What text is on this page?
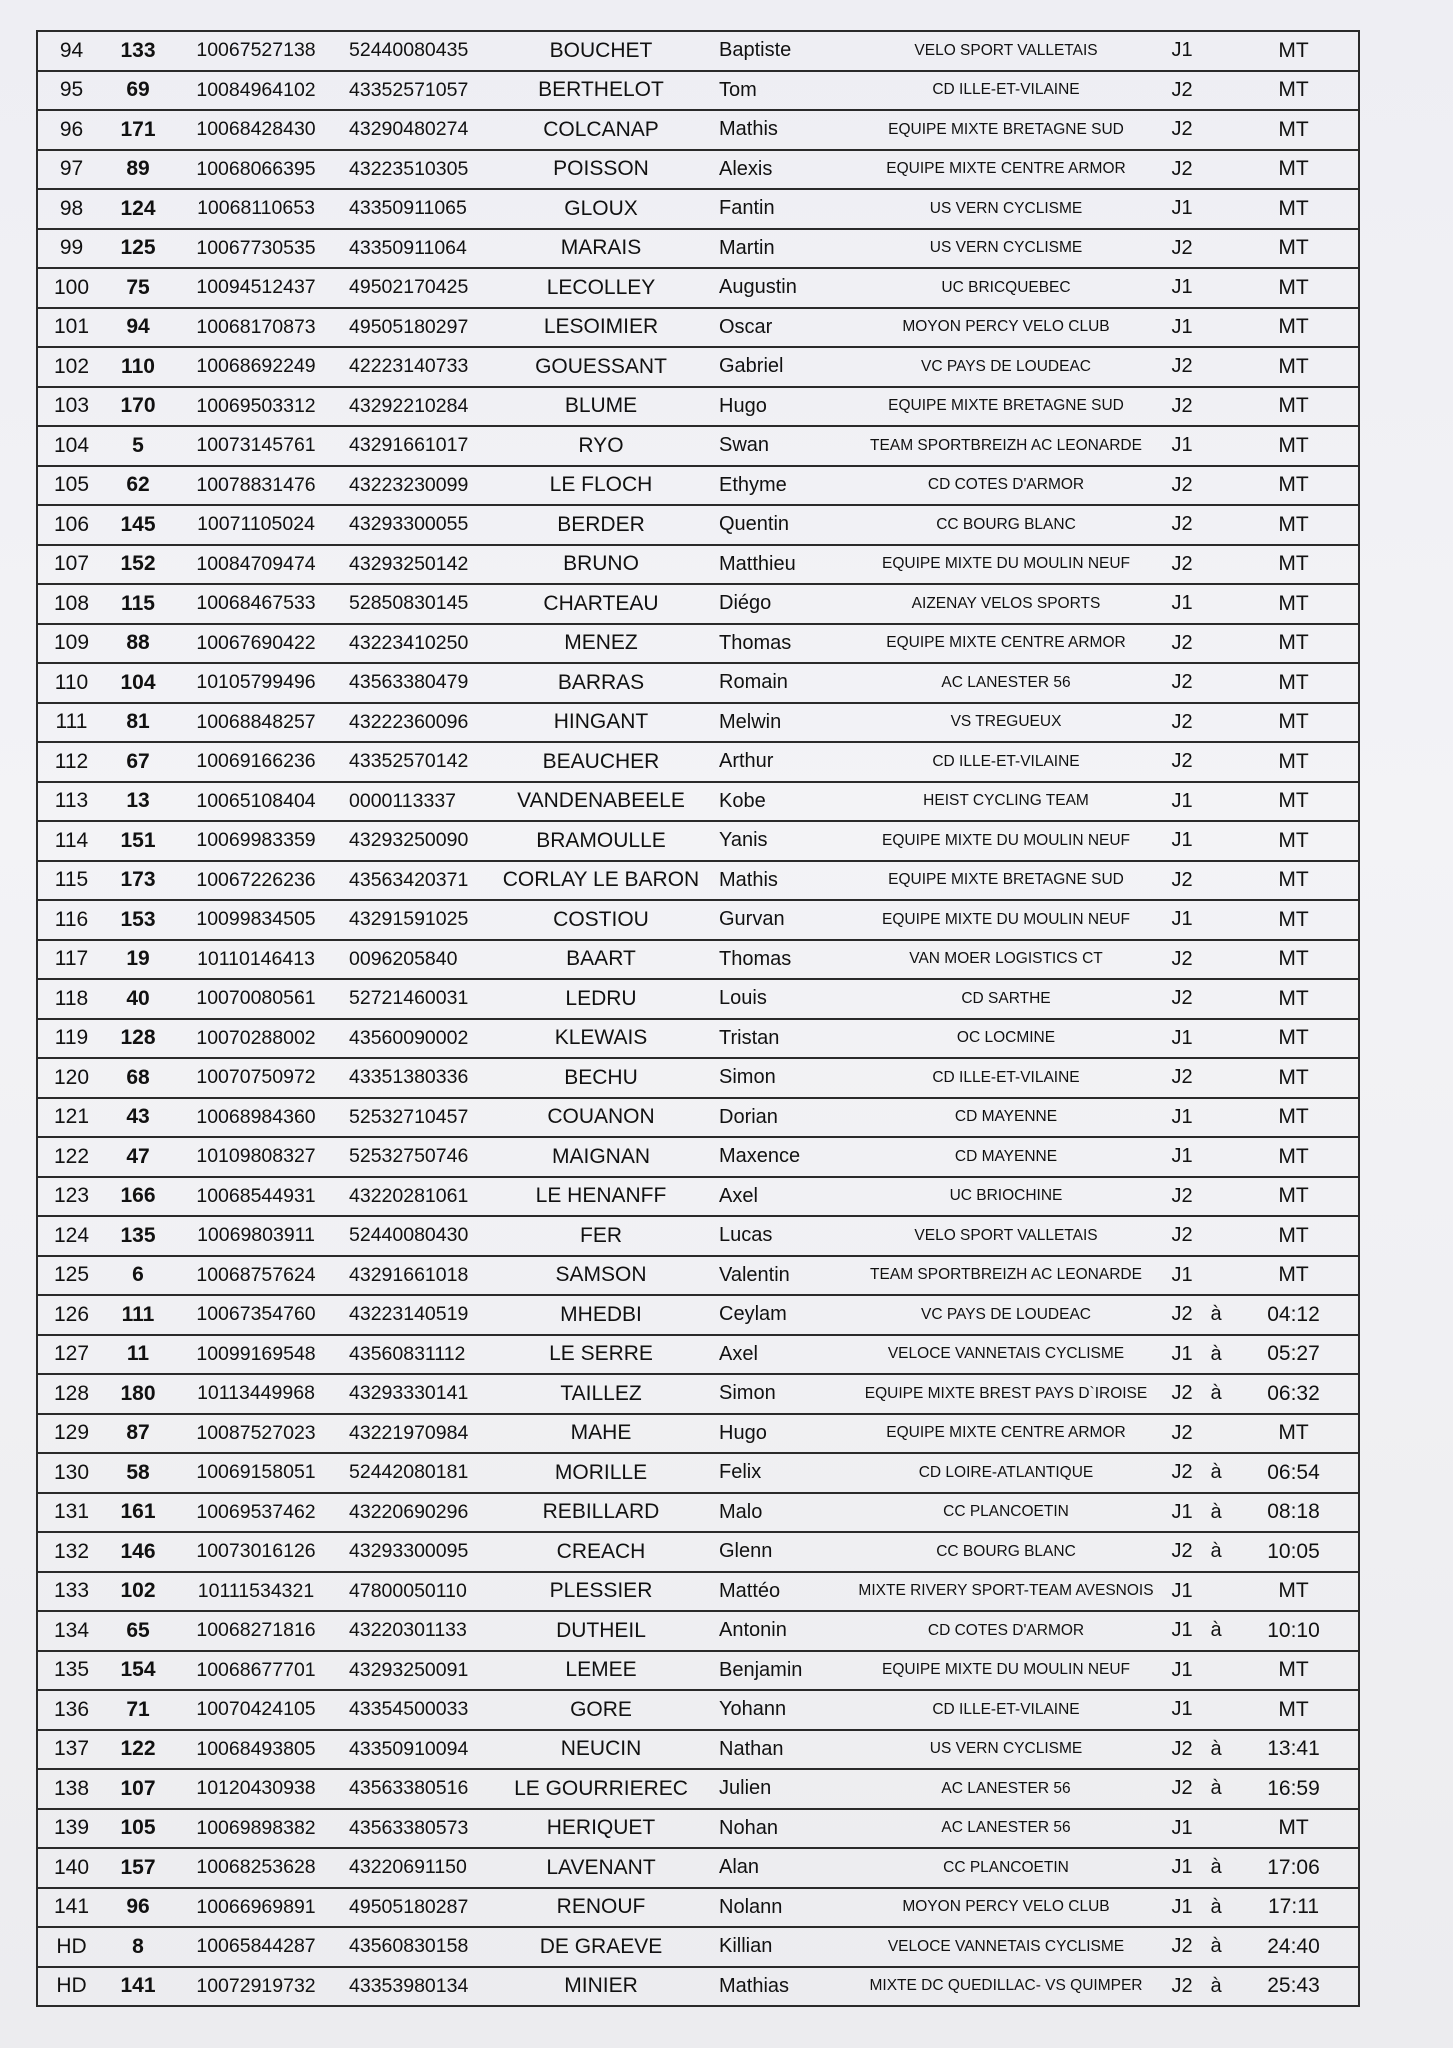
94	133	10067527138	52440080435	BOUCHET	Baptiste	VELO SPORT VALLETAIS	J1		MT
95	69	10084964102	43352571057	BERTHELOT	Tom	CD ILLE-ET-VILAINE	J2		MT
96	171	10068428430	43290480274	COLCANAP	Mathis	EQUIPE MIXTE BRETAGNE SUD	J2		MT
97	89	10068066395	43223510305	POISSON	Alexis	EQUIPE MIXTE CENTRE ARMOR	J2		MT
98	124	10068110653	43350911065	GLOUX	Fantin	US VERN CYCLISME	J1		MT
99	125	10067730535	43350911064	MARAIS	Martin	US VERN CYCLISME	J2		MT
100	75	10094512437	49502170425	LECOLLEY	Augustin	UC BRICQUEBEC	J1		MT
101	94	10068170873	49505180297	LESOIMIER	Oscar	MOYON PERCY VELO CLUB	J1		MT
102	110	10068692249	42223140733	GOUESSANT	Gabriel	VC PAYS DE LOUDEAC	J2		MT
103	170	10069503312	43292210284	BLUME	Hugo	EQUIPE MIXTE BRETAGNE SUD	J2		MT
104	5	10073145761	43291661017	RYO	Swan	TEAM SPORTBREIZH AC LEONARDE	J1		MT
105	62	10078831476	43223230099	LE FLOCH	Ethyme	CD COTES D'ARMOR	J2		MT
106	145	10071105024	43293300055	BERDER	Quentin	CC BOURG BLANC	J2		MT
107	152	10084709474	43293250142	BRUNO	Matthieu	EQUIPE MIXTE DU MOULIN NEUF	J2		MT
108	115	10068467533	52850830145	CHARTEAU	Diégo	AIZENAY VELOS SPORTS	J1		MT
109	88	10067690422	43223410250	MENEZ	Thomas	EQUIPE MIXTE CENTRE ARMOR	J2		MT
110	104	10105799496	43563380479	BARRAS	Romain	AC LANESTER 56	J2		MT
111	81	10068848257	43222360096	HINGANT	Melwin	VS TREGUEUX	J2		MT
112	67	10069166236	43352570142	BEAUCHER	Arthur	CD ILLE-ET-VILAINE	J2		MT
113	13	10065108404	0000113337	VANDENABEELE	Kobe	HEIST CYCLING TEAM	J1		MT
114	151	10069983359	43293250090	BRAMOULLE	Yanis	EQUIPE MIXTE DU MOULIN NEUF	J1		MT
115	173	10067226236	43563420371	CORLAY LE BARON	Mathis	EQUIPE MIXTE BRETAGNE SUD	J2		MT
116	153	10099834505	43291591025	COSTIOU	Gurvan	EQUIPE MIXTE DU MOULIN NEUF	J1		MT
117	19	10110146413	0096205840	BAART	Thomas	VAN MOER LOGISTICS CT	J2		MT
118	40	10070080561	52721460031	LEDRU	Louis	CD SARTHE	J2		MT
119	128	10070288002	43560090002	KLEWAIS	Tristan	OC LOCMINE	J1		MT
120	68	10070750972	43351380336	BECHU	Simon	CD ILLE-ET-VILAINE	J2		MT
121	43	10068984360	52532710457	COUANON	Dorian	CD MAYENNE	J1		MT
122	47	10109808327	52532750746	MAIGNAN	Maxence	CD MAYENNE	J1		MT
123	166	10068544931	43220281061	LE HENANFF	Axel	UC BRIOCHINE	J2		MT
124	135	10069803911	52440080430	FER	Lucas	VELO SPORT VALLETAIS	J2		MT
125	6	10068757624	43291661018	SAMSON	Valentin	TEAM SPORTBREIZH AC LEONARDE	J1		MT
126	111	10067354760	43223140519	MHEDBI	Ceylam	VC PAYS DE LOUDEAC	J2	à	04:12
127	11	10099169548	43560831112	LE SERRE	Axel	VELOCE VANNETAIS CYCLISME	J1	à	05:27
128	180	10113449968	43293330141	TAILLEZ	Simon	EQUIPE MIXTE BREST PAYS D`IROISE	J2	à	06:32
129	87	10087527023	43221970984	MAHE	Hugo	EQUIPE MIXTE CENTRE ARMOR	J2		MT
130	58	10069158051	52442080181	MORILLE	Felix	CD LOIRE-ATLANTIQUE	J2	à	06:54
131	161	10069537462	43220690296	REBILLARD	Malo	CC PLANCOETIN	J1	à	08:18
132	146	10073016126	43293300095	CREACH	Glenn	CC BOURG BLANC	J2	à	10:05
133	102	10111534321	47800050110	PLESSIER	Mattéo	MIXTE RIVERY SPORT-TEAM AVESNOIS	J1		MT
134	65	10068271816	43220301133	DUTHEIL	Antonin	CD COTES D'ARMOR	J1	à	10:10
135	154	10068677701	43293250091	LEMEE	Benjamin	EQUIPE MIXTE DU MOULIN NEUF	J1		MT
136	71	10070424105	43354500033	GORE	Yohann	CD ILLE-ET-VILAINE	J1		MT
137	122	10068493805	43350910094	NEUCIN	Nathan	US VERN CYCLISME	J2	à	13:41
138	107	10120430938	43563380516	LE GOURRIEREC	Julien	AC LANESTER 56	J2	à	16:59
139	105	10069898382	43563380573	HERIQUET	Nohan	AC LANESTER 56	J1		MT
140	157	10068253628	43220691150	LAVENANT	Alan	CC PLANCOETIN	J1	à	17:06
141	96	10066969891	49505180287	RENOUF	Nolann	MOYON PERCY VELO CLUB	J1	à	17:11
HD	8	10065844287	43560830158	DE GRAEVE	Killian	VELOCE VANNETAIS CYCLISME	J2	à	24:40
HD	141	10072919732	43353980134	MINIER	Mathias	MIXTE DC QUEDILLAC- VS QUIMPER	J2	à	25:43
